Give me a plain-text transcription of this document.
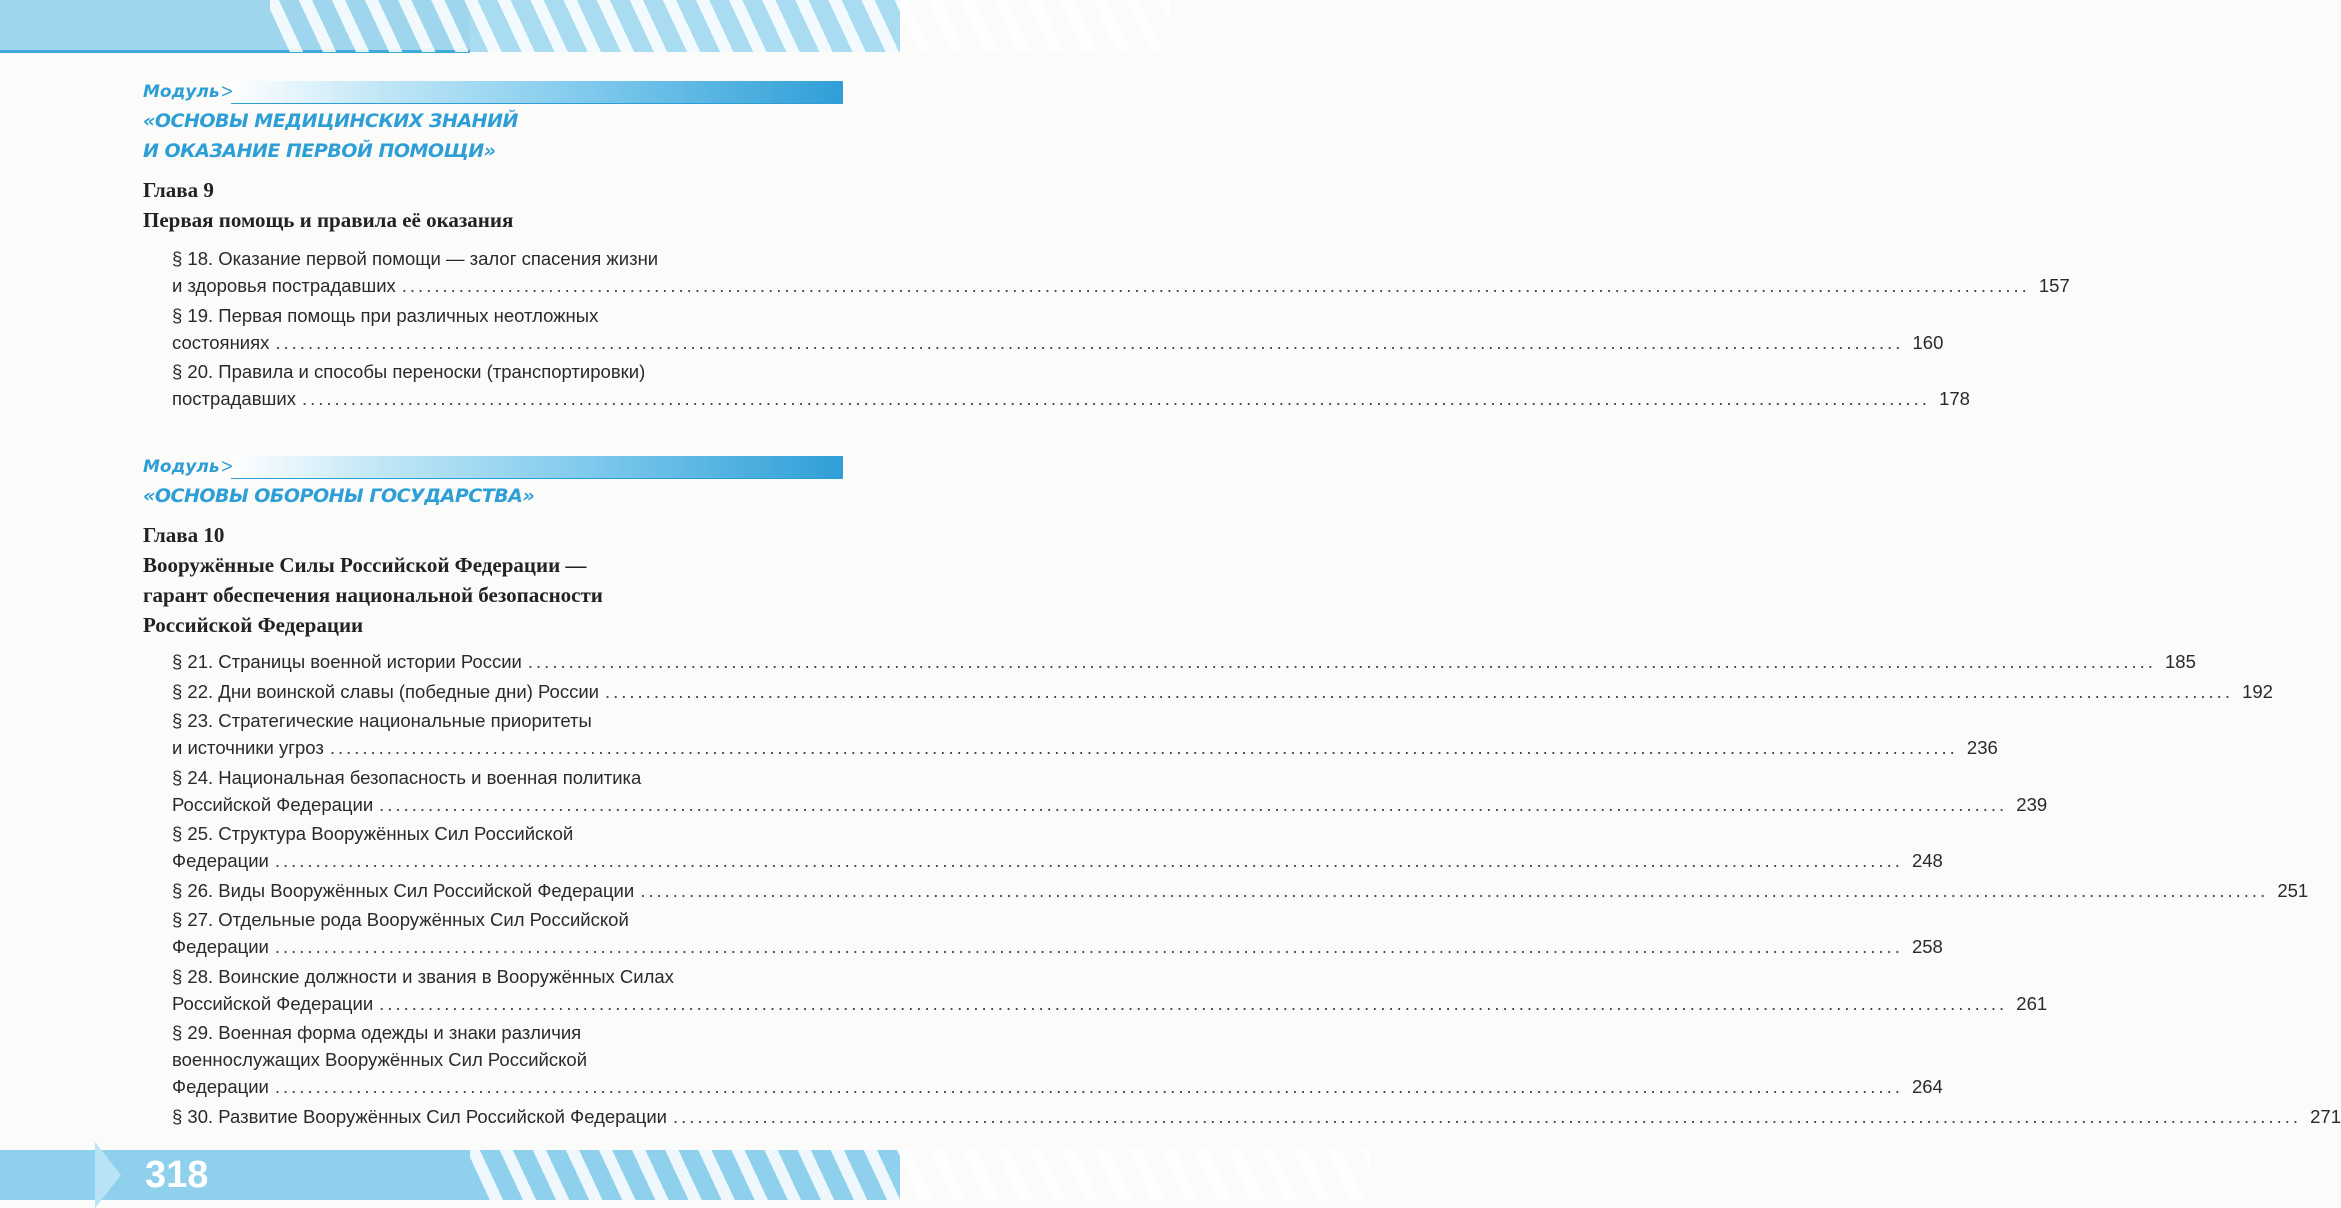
Модуль >
«ОСНОВЫ МЕДИЦИНСКИХ ЗНАНИЙ
И ОКАЗАНИЕ ПЕРВОЙ ПОМОЩИ»
Глава 9
Первая помощь и правила её оказания
§ 18. Оказание первой помощи — залог спасения жизни
и здоровья пострадавших ........................................................................................................................................................................................................ 157
§ 19. Первая помощь при различных неотложных
состояниях ........................................................................................................................................................................................................ 160
§ 20. Правила и способы переноски (транспортировки)
пострадавших ........................................................................................................................................................................................................ 178
Модуль >
«ОСНОВЫ ОБОРОНЫ ГОСУДАРСТВА»
Глава 10
Вооружённые Силы Российской Федерации —
гарант обеспечения национальной безопасности
Российской Федерации
§ 21. Страницы военной истории России ........................................................................................................................................................................................................ 185
§ 22. Дни воинской славы (победные дни) России ........................................................................................................................................................................................................ 192
§ 23. Стратегические национальные приоритеты
и источники угроз ........................................................................................................................................................................................................ 236
§ 24. Национальная безопасность и военная политика
Российской Федерации ........................................................................................................................................................................................................ 239
§ 25. Структура Вооружённых Сил Российской
Федерации ........................................................................................................................................................................................................ 248
§ 26. Виды Вооружённых Сил Российской Федерации ........................................................................................................................................................................................................ 251
§ 27. Отдельные рода Вооружённых Сил Российской
Федерации ........................................................................................................................................................................................................ 258
§ 28. Воинские должности и звания в Вооружённых Силах
Российской Федерации ........................................................................................................................................................................................................ 261
§ 29. Военная форма одежды и знаки различия
военнослужащих Вооружённых Сил Российской
Федерации ........................................................................................................................................................................................................ 264
§ 30. Развитие Вооружённых Сил Российской Федерации ........................................................................................................................................................................................................ 271
318
